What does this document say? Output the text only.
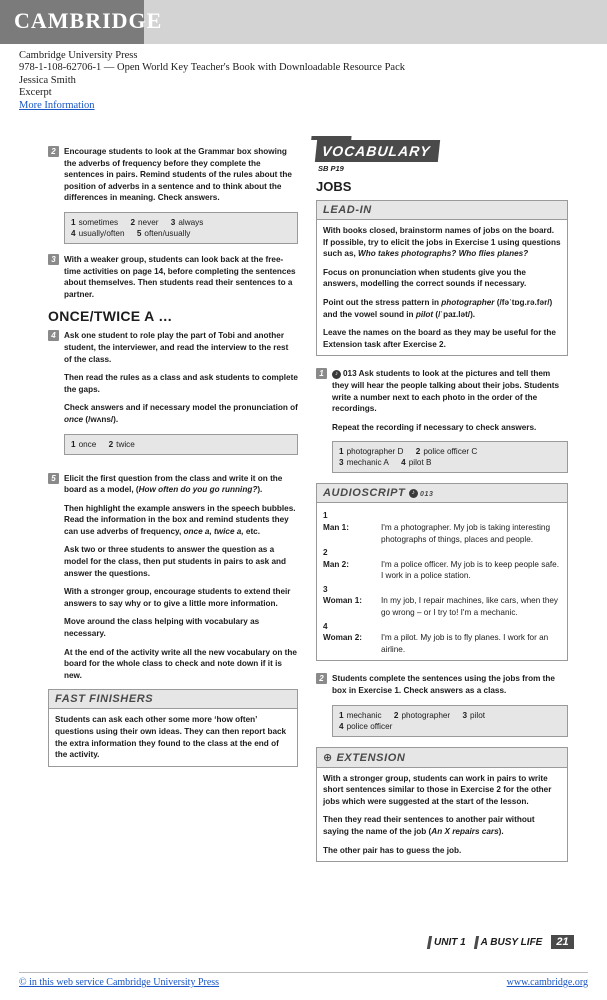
CAMBRIDGE
Cambridge University Press
978-1-108-62706-1 — Open World Key Teacher's Book with Downloadable Resource Pack
Jessica Smith
Excerpt
More Information
2	Encourage students to look at the Grammar box showing the adverbs of frequency before they complete the sentences in pairs. Remind students of the rules about the position of adverbs in a sentence and to think about the differences in meaning. Check answers.

1 sometimes 2 never 3 always
4 usually/often 5 often/usually
3	With a weaker group, students can look back at the free-time activities on page 14, before completing the sentences about themselves. Then students read their sentences to a partner.

ONCE/TWICE A …
4	Ask one student to role play the part of Tobi and another student, the interviewer, and read the interview to the rest of the class.

Then read the rules as a class and ask students to complete the gaps.

Check answers and if necessary model the pronunciation of once (/wʌns/).

1 once 2 twice
5	Elicit the first question from the class and write it on the board as a model, (How often do you go running?).

Then highlight the example answers in the speech bubbles. Read the information in the box and remind students they can use adverbs of frequency, once a, twice a, etc.

Ask two or three students to answer the question as a model for the class, then put students in pairs to ask and answer the questions.

With a stronger group, encourage students to extend their answers to say why or to give a little more information.

Move around the class helping with vocabulary as necessary.

At the end of the activity write all the new vocabulary on the board for the whole class to check and note down if it is new.

FAST FINISHERS

Students can ask each other some more ‘how often’ questions using their own ideas. They can then report back the extra information they found to the class at the end of the activity.

VOCABULARY
SB P19
JOBS
LEAD-IN

With books closed, brainstorm names of jobs on the board. If possible, try to elicit the jobs in Exercise 1 using questions such as, Who takes photographs? Who flies planes?

Focus on pronunciation when students give you the answers, modelling the correct sounds if necessary.

Point out the stress pattern in photographer (/fəˈtɒɡ.rə.fər/) and the vowel sound in pilot (/ˈpaɪ.lət/).

Leave the names on the board as they may be useful for the Extension task after Exercise 2.

1	♪ 013 Ask students to look at the pictures and tell them they will hear the people talking about their jobs. Students write a number next to each photo in the order of the recordings.

Repeat the recording if necessary to check answers.

1 photographer D 2 police officer C
3 mechanic A 4 pilot B
AUDIOSCRIPT ♪ 013
1
Man 1:	I'm a photographer. My job is taking interesting photographs of things, places and people.
2
Man 2:	I'm a police officer. My job is to keep people safe. I work in a police station.
3
Woman 1:	In my job, I repair machines, like cars, when they go wrong – or I try to! I'm a mechanic.
4
Woman 2:	I'm a pilot. My job is to fly planes. I work for an airline.
2	Students complete the sentences using the jobs from the box in Exercise 1. Check answers as a class.

1 mechanic 2 photographer 3 pilot
4 police officer
⊕ EXTENSION

With a stronger group, students can work in pairs to write short sentences similar to those in Exercise 2 for the other jobs which were suggested at the start of the lesson.

Then they read their sentences to another pair without saying the name of the job (An X repairs cars).

The other pair has to guess the job.

UNIT 1 A BUSY LIFE	21
© in this web service Cambridge University Press	www.cambridge.org
